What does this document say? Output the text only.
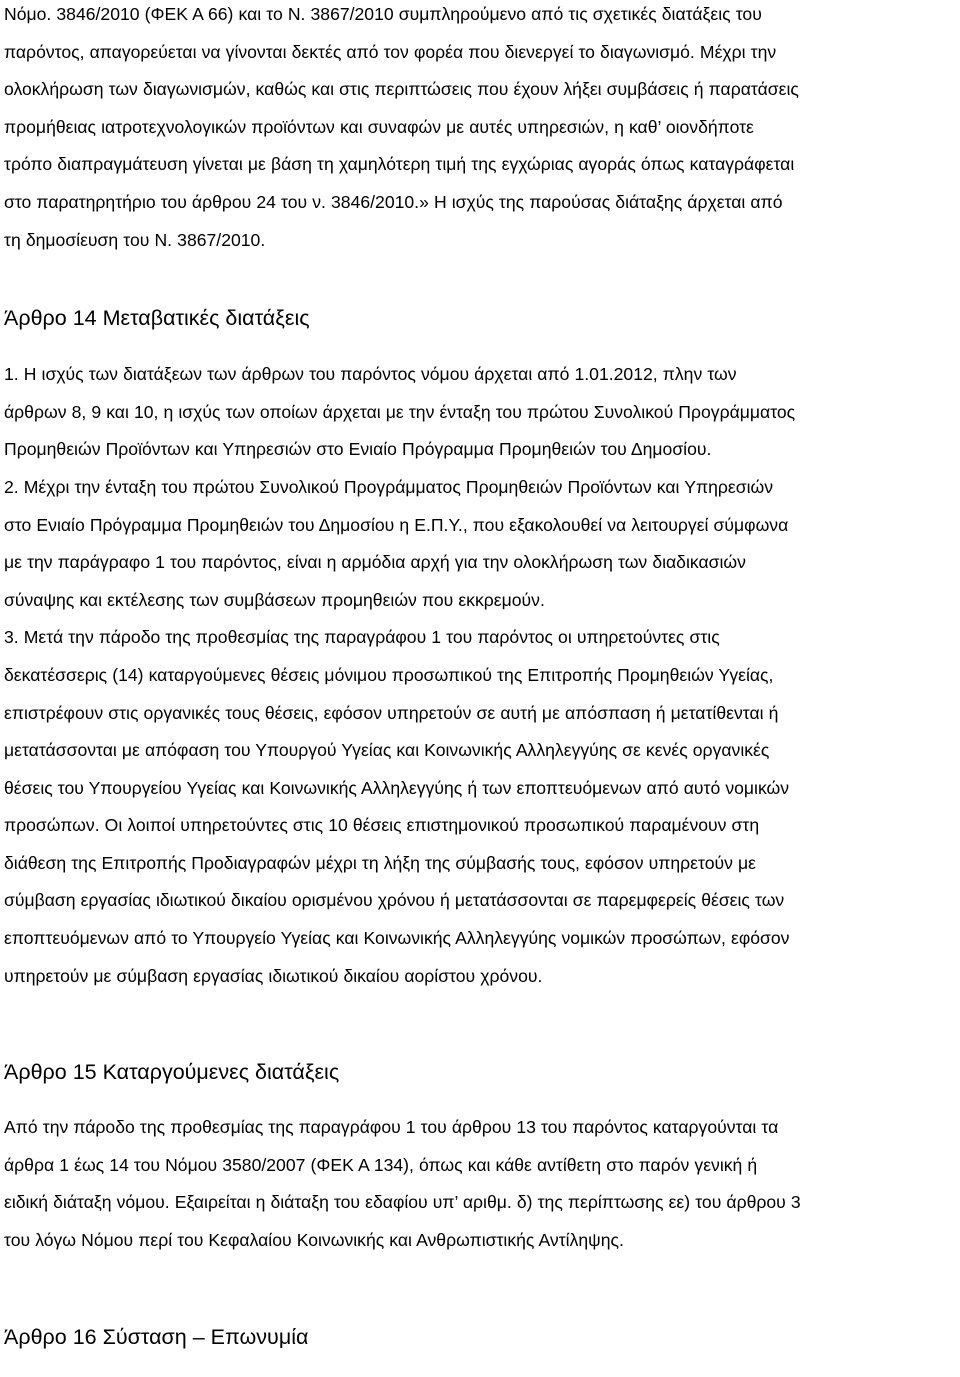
Νόμο. 3846/2010 (ΦΕΚ Α 66) και το Ν. 3867/2010 συμπληρούμενο από τις σχετικές διατάξεις του
παρόντος, απαγορεύεται να γίνονται δεκτές από τον φορέα που διενεργεί το διαγωνισμό. Μέχρι την
ολοκλήρωση των διαγωνισμών, καθώς και στις περιπτώσεις που έχουν λήξει συμβάσεις ή παρατάσεις
προμήθειας ιατροτεχνολογικών προϊόντων και συναφών με αυτές υπηρεσιών, η καθ’ οιονδήποτε
τρόπο διαπραγμάτευση γίνεται με βάση τη χαμηλότερη τιμή της εγχώριας αγοράς όπως καταγράφεται
στο παρατηρητήριο του άρθρου 24 του ν. 3846/2010.» Η ισχύς της παρούσας διάταξης άρχεται από
τη δημοσίευση του Ν. 3867/2010.

Άρθρο 14 Μεταβατικές διατάξεις

1. Η ισχύς των διατάξεων των άρθρων του παρόντος νόμου άρχεται από 1.01.2012, πλην των
άρθρων 8, 9 και 10, η ισχύς των οποίων άρχεται με την ένταξη του πρώτου Συνολικού Προγράμματος
Προμηθειών Προϊόντων και Υπηρεσιών στο Ενιαίο Πρόγραμμα Προμηθειών του Δημοσίου.
2. Μέχρι την ένταξη του πρώτου Συνολικού Προγράμματος Προμηθειών Προϊόντων και Υπηρεσιών
στο Ενιαίο Πρόγραμμα Προμηθειών του Δημοσίου η Ε.Π.Υ., που εξακολουθεί να λειτουργεί σύμφωνα
με την παράγραφο 1 του παρόντος, είναι η αρμόδια αρχή για την ολοκλήρωση των διαδικασιών
σύναψης και εκτέλεσης των συμβάσεων προμηθειών που εκκρεμούν.
3. Μετά την πάροδο της προθεσμίας της παραγράφου 1 του παρόντος οι υπηρετούντες στις
δεκατέσσερις (14) καταργούμενες θέσεις μόνιμου προσωπικού της Επιτροπής Προμηθειών Υγείας,
επιστρέφουν στις οργανικές τους θέσεις, εφόσον υπηρετούν σε αυτή με απόσπαση ή μετατίθενται ή
μετατάσσονται με απόφαση του Υπουργού Υγείας και Κοινωνικής Αλληλεγγύης σε κενές οργανικές
θέσεις του Υπουργείου Υγείας και Κοινωνικής Αλληλεγγύης ή των εποπτευόμενων από αυτό νομικών
προσώπων. Οι λοιποί υπηρετούντες στις 10 θέσεις επιστημονικού προσωπικού παραμένουν στη
διάθεση της Επιτροπής Προδιαγραφών μέχρι τη λήξη της σύμβασής τους, εφόσον υπηρετούν με
σύμβαση εργασίας ιδιωτικού δικαίου ορισμένου χρόνου ή μετατάσσονται σε παρεμφερείς θέσεις των
εποπτευόμενων από το Υπουργείο Υγείας και Κοινωνικής Αλληλεγγύης νομικών προσώπων, εφόσον
υπηρετούν με σύμβαση εργασίας ιδιωτικού δικαίου αορίστου χρόνου.

Άρθρο 15 Καταργούμενες διατάξεις

Από την πάροδο της προθεσμίας της παραγράφου 1 του άρθρου 13 του παρόντος καταργούνται τα
άρθρα 1 έως 14 του Νόμου 3580/2007 (ΦΕΚ Α 134), όπως και κάθε αντίθετη στο παρόν γενική ή
ειδική διάταξη νόμου. Εξαιρείται η διάταξη του εδαφίου υπ’ αριθμ. δ) της περίπτωσης εε) του άρθρου 3
του λόγω Νόμου περί του Κεφαλαίου Κοινωνικής και Ανθρωπιστικής Αντίληψης.

Άρθρο 16 Σύσταση – Επωνυμία
